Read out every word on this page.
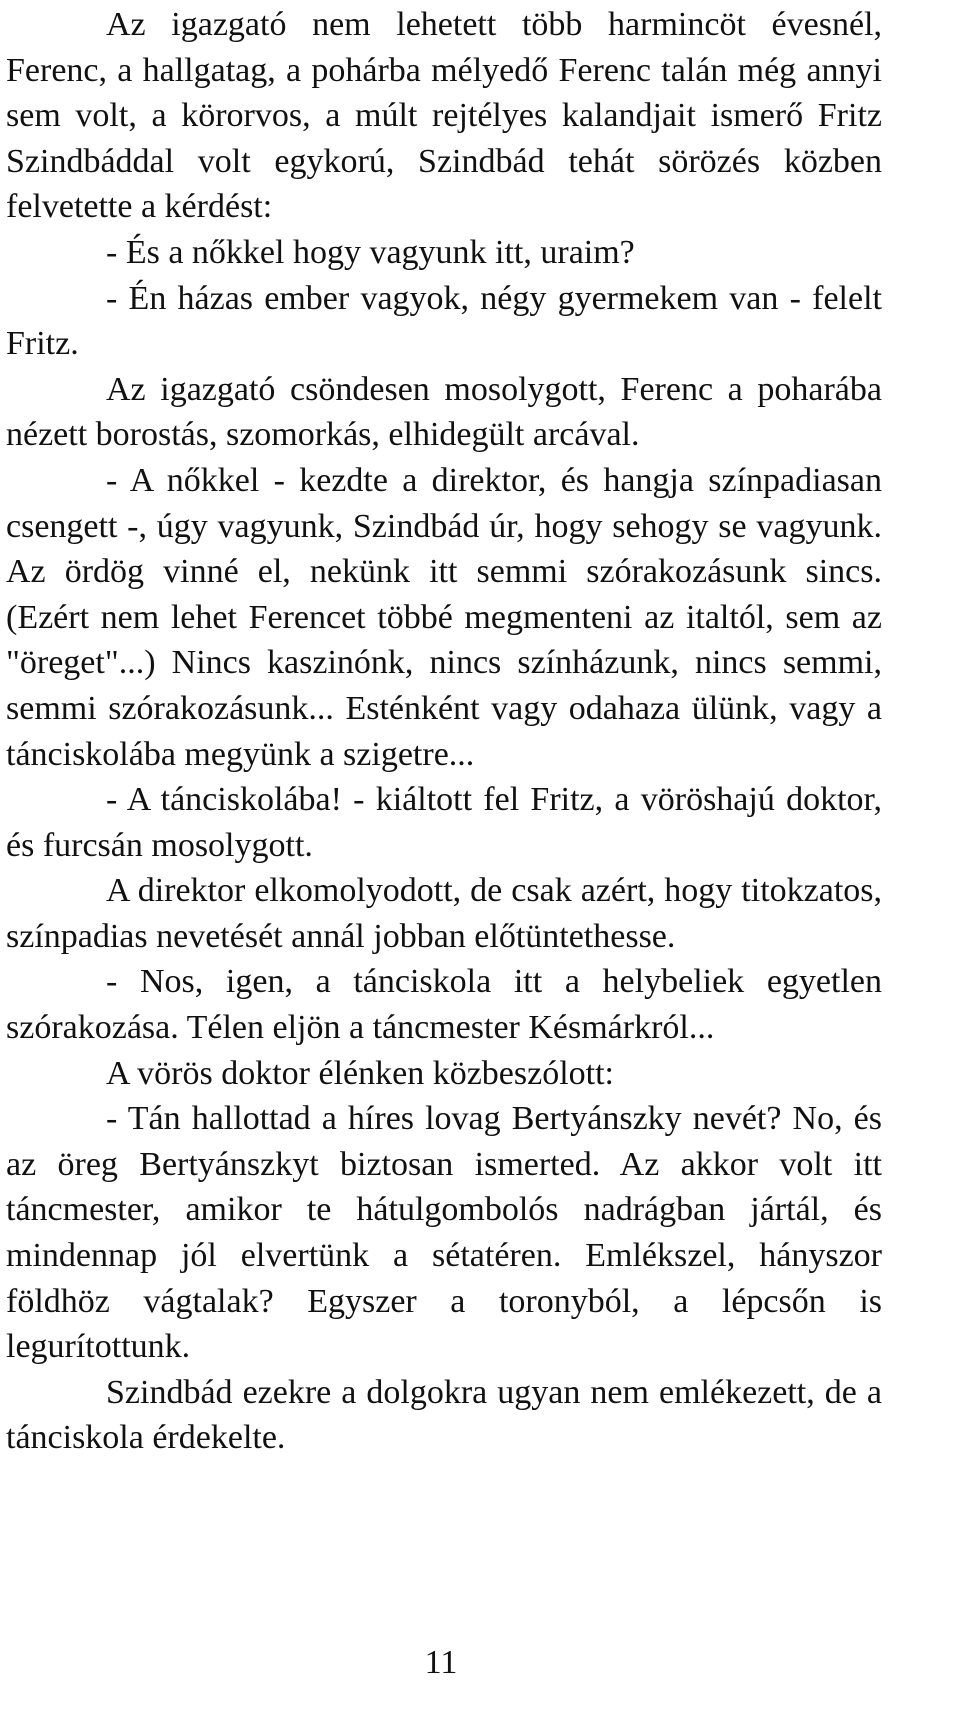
Az igazgató nem lehetett több harmincöt évesnél, Ferenc, a hallgatag, a pohárba mélyedő Ferenc talán még annyi sem volt, a körorvos, a múlt rejtélyes kalandjait ismerő Fritz Szindbáddal volt egykorú, Szindbád tehát sörözés közben felvetette a kérdést:

- És a nőkkel hogy vagyunk itt, uraim?

- Én házas ember vagyok, négy gyermekem van - felelt Fritz.

Az igazgató csöndesen mosolygott, Ferenc a poharába nézett borostás, szomorkás, elhidegült arcával.

- A nőkkel - kezdte a direktor, és hangja színpadiasan csengett -, úgy vagyunk, Szindbád úr, hogy sehogy se vagyunk. Az ördög vinné el, nekünk itt semmi szórakozásunk sincs. (Ezért nem lehet Ferencet többé megmenteni az italtól, sem az "öreget"...) Nincs kaszinónk, nincs színházunk, nincs semmi, semmi szórakozásunk... Esténként vagy odahaza ülünk, vagy a tánciskolába megyünk a szigetre...

- A tánciskolába! - kiáltott fel Fritz, a vöröshajú doktor, és furcsán mosolygott.

A direktor elkomolyodott, de csak azért, hogy titokzatos, színpadias nevetését annál jobban előtüntethesse.

- Nos, igen, a tánciskola itt a helybeliek egyetlen szórakozása. Télen eljön a táncmester Késmárkról...

A vörös doktor élénken közbeszólott:

- Tán hallottad a híres lovag Bertyánszky nevét? No, és az öreg Bertyánszkyt biztosan ismerted. Az akkor volt itt táncmester, amikor te hátulgombolós nadrágban jártál, és mindennap jól elvertünk a sétatéren. Emlékszel, hányszor földhöz vágtalak? Egyszer a toronyból, a lépcsőn is legurítottunk.

Szindbád ezekre a dolgokra ugyan nem emlékezett, de a tánciskola érdekelte.

11
